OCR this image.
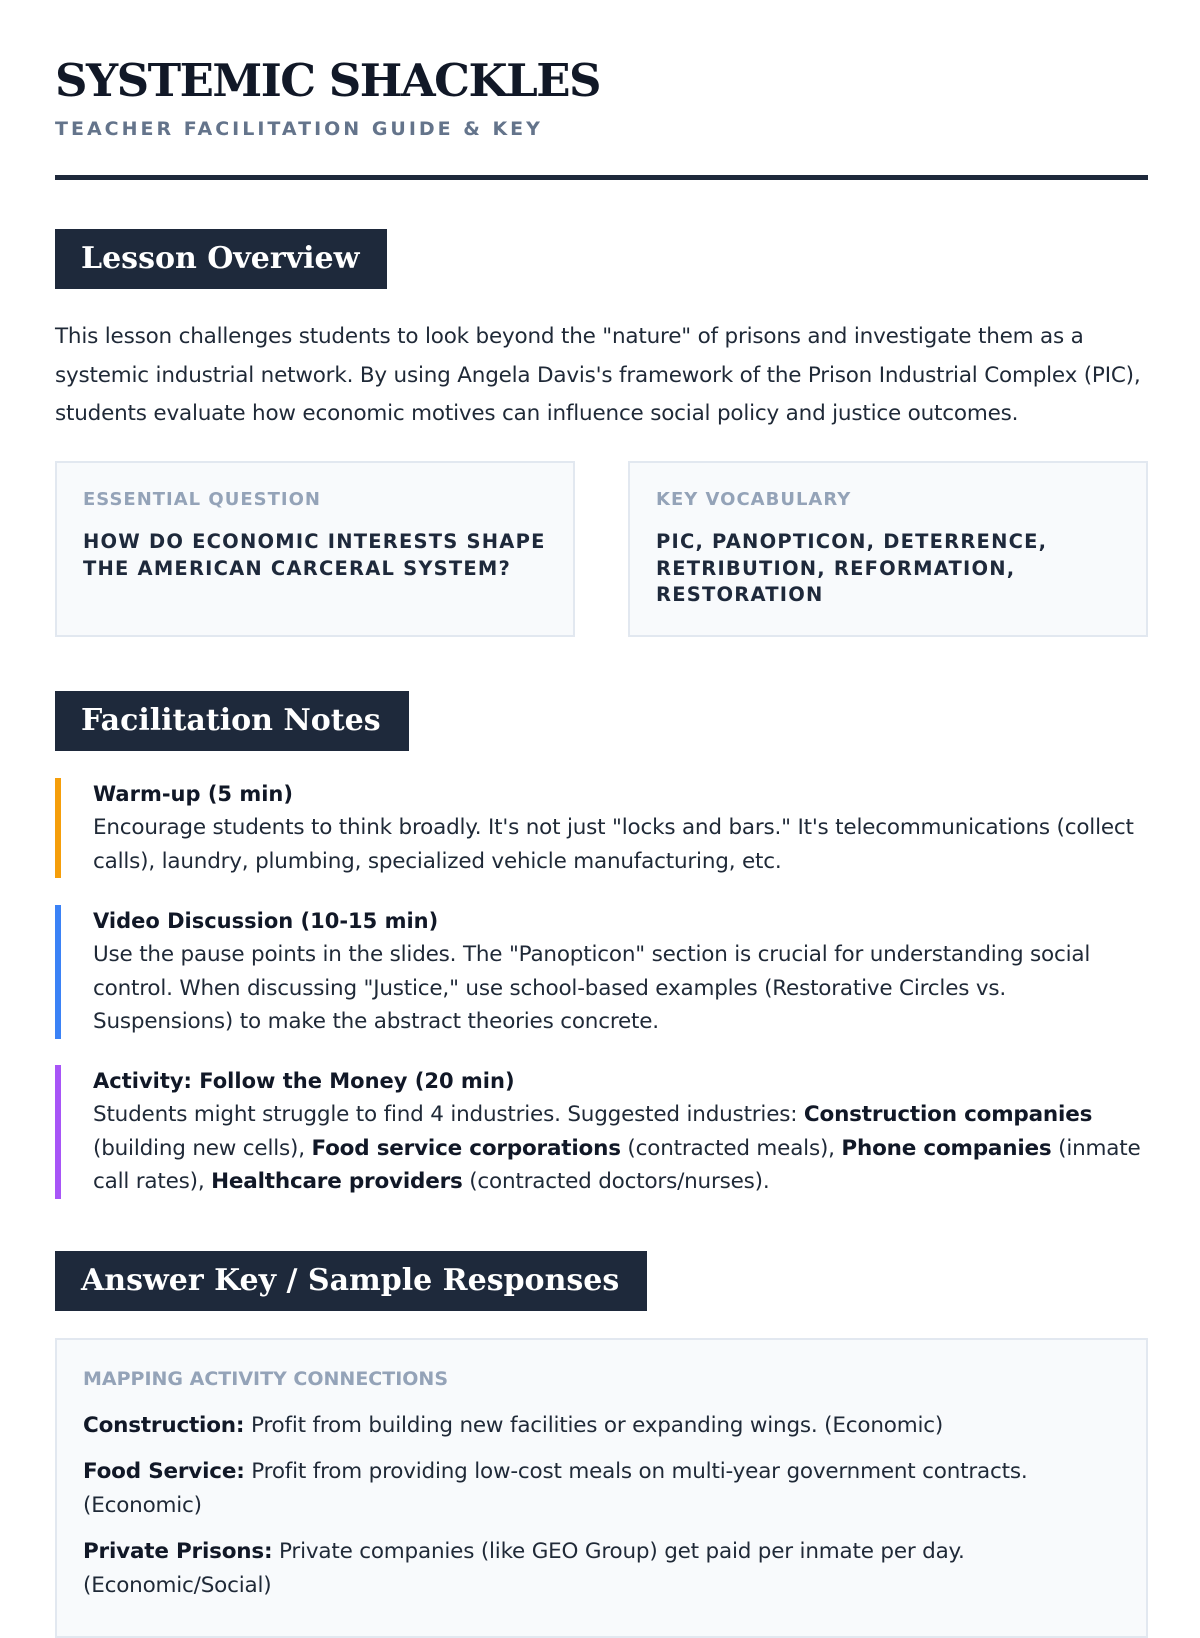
SYSTEMIC SHACKLES
TEACHER FACILITATION GUIDE & KEY
Lesson Overview

This lesson challenges students to look beyond the "nature" of prisons and investigate them as a systemic industrial network. By using Angela Davis's framework of the Prison Industrial Complex (PIC), students evaluate how economic motives can influence social policy and justice outcomes.

ESSENTIAL QUESTION

HOW DO ECONOMIC INTERESTS SHAPE THE AMERICAN CARCERAL SYSTEM?

KEY VOCABULARY

PIC, PANOPTICON, DETERRENCE, RETRIBUTION, REFORMATION, RESTORATION

Facilitation Notes

Warm-up (5 min)

Encourage students to think broadly. It's not just "locks and bars." It's telecommunications (collect calls), laundry, plumbing, specialized vehicle manufacturing, etc.

Video Discussion (10-15 min)

Use the pause points in the slides. The "Panopticon" section is crucial for understanding social control. When discussing "Justice," use school-based examples (Restorative Circles vs. Suspensions) to make the abstract theories concrete.

Activity: Follow the Money (20 min)

Students might struggle to find 4 industries. Suggested industries: Construction companies (building new cells), Food service corporations (contracted meals), Phone companies (inmate call rates), Healthcare providers (contracted doctors/nurses).

Answer Key / Sample Responses

MAPPING ACTIVITY CONNECTIONS

Construction: Profit from building new facilities or expanding wings. (Economic)

Food Service: Profit from providing low-cost meals on multi-year government contracts. (Economic)

Private Prisons: Private companies (like GEO Group) get paid per inmate per day. (Economic/Social)
